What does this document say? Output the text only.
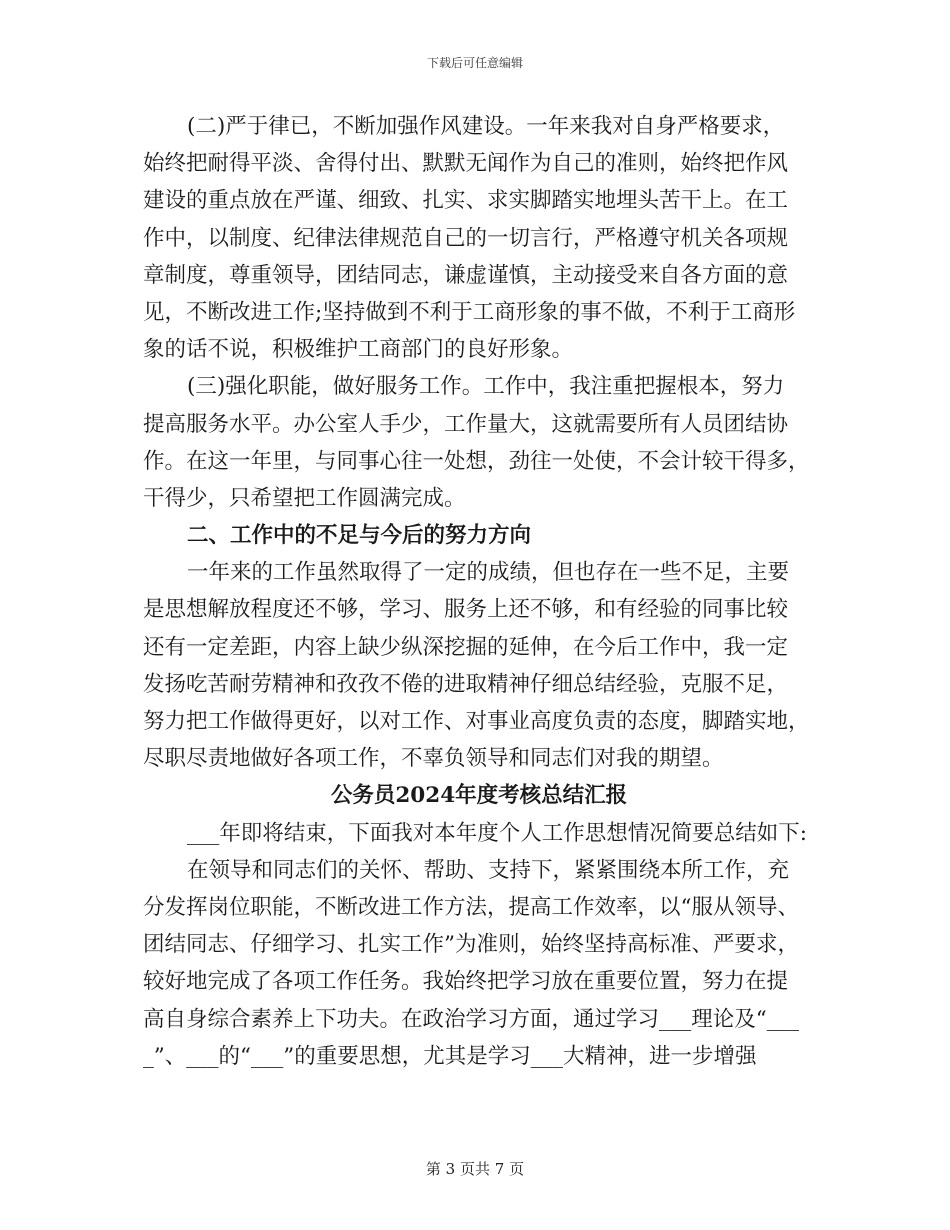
下载后可任意编辑
(二)严于律已，不断加强作风建设。一年来我对自身严格要求，
始终把耐得平淡、舍得付出、默默无闻作为自己的准则，始终把作风
建设的重点放在严谨、细致、扎实、求实脚踏实地埋头苦干上。在工
作中，以制度、纪律法律规范自己的一切言行，严格遵守机关各项规
章制度，尊重领导，团结同志，谦虚谨慎，主动接受来自各方面的意
见，不断改进工作;坚持做到不利于工商形象的事不做，不利于工商形
象的话不说，积极维护工商部门的良好形象。
(三)强化职能，做好服务工作。工作中，我注重把握根本，努力
提高服务水平。办公室人手少，工作量大，这就需要所有人员团结协
作。在这一年里，与同事心往一处想，劲往一处使，不会计较干得多，
干得少，只希望把工作圆满完成。
二、工作中的不足与今后的努力方向
一年来的工作虽然取得了一定的成绩，但也存在一些不足，主要
是思想解放程度还不够，学习、服务上还不够，和有经验的同事比较
还有一定差距，内容上缺少纵深挖掘的延伸，在今后工作中，我一定
发扬吃苦耐劳精神和孜孜不倦的进取精神仔细总结经验，克服不足，
努力把工作做得更好，以对工作、对事业高度负责的态度，脚踏实地，
尽职尽责地做好各项工作，不辜负领导和同志们对我的期望。
公务员2024年度考核总结汇报
___年即将结束，下面我对本年度个人工作思想情况简要总结如下:
在领导和同志们的关怀、帮助、支持下，紧紧围绕本所工作，充
分发挥岗位职能，不断改进工作方法，提高工作效率，以“服从领导、
团结同志、仔细学习、扎实工作”为准则，始终坚持高标准、严要求，
较好地完成了各项工作任务。我始终把学习放在重要位置，努力在提
高自身综合素养上下功夫。在政治学习方面，通过学习___理论及“___
_”、___的“___”的重要思想，尤其是学习___大精神，进一步增强
第 3 页共 7 页
